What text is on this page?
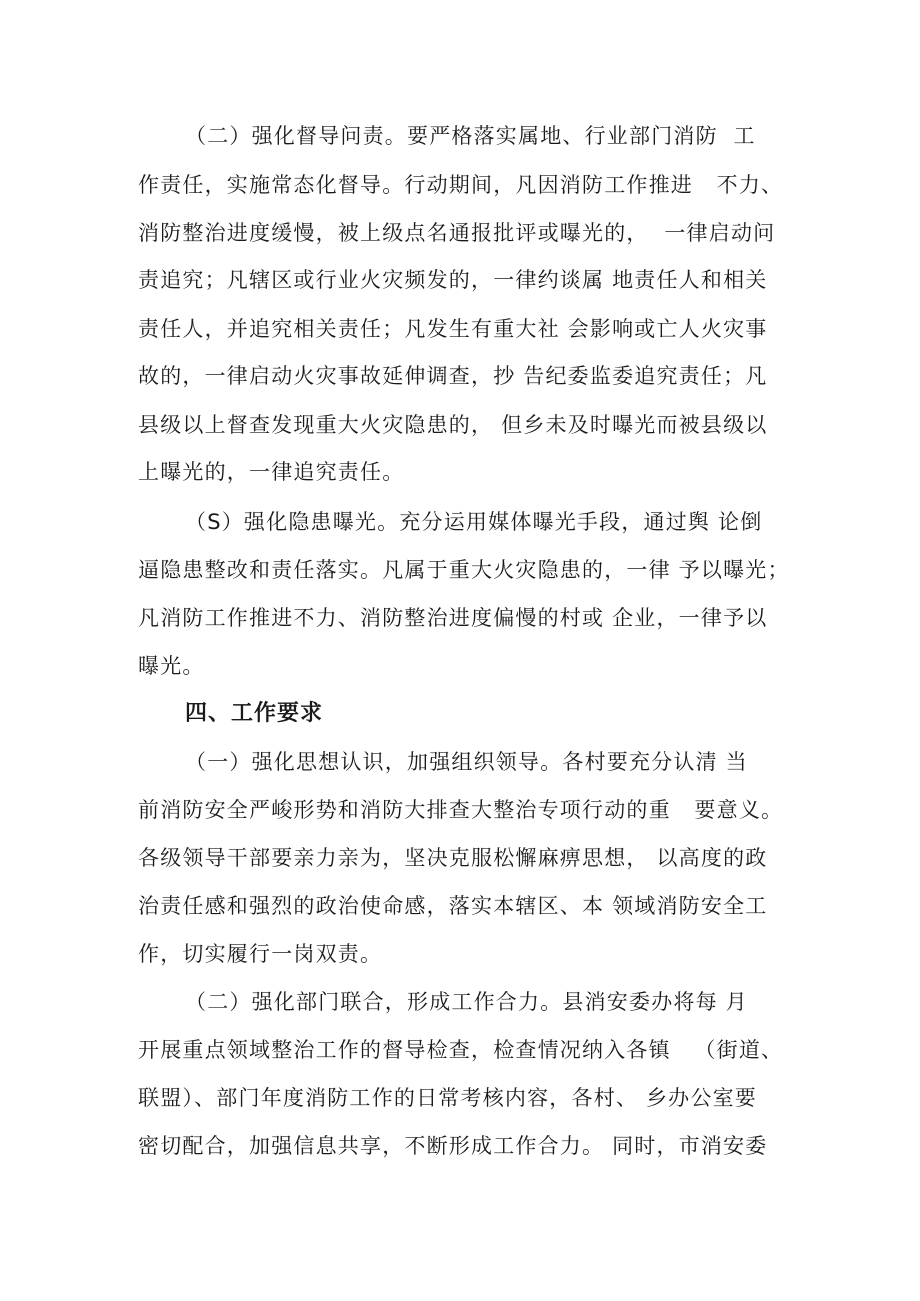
（二）强化督导问责。要严格落实属地、行业部门消防  工
作责任，实施常态化督导。行动期间，凡因消防工作推进   不力、
消防整治进度缓慢，被上级点名通报批评或曝光的，  一律启动问
责追究；凡辖区或行业火灾频发的，一律约谈属 地责任人和相关
责任人，并追究相关责任；凡发生有重大社 会影响或亡人火灾事
故的，一律启动火灾事故延伸调查，抄 告纪委监委追究责任；凡
县级以上督查发现重大火灾隐患的， 但乡未及时曝光而被县级以
上曝光的，一律追究责任。
（S）强化隐患曝光。充分运用媒体曝光手段，通过舆 论倒
逼隐患整改和责任落实。凡属于重大火灾隐患的，一律 予以曝光；
凡消防工作推进不力、消防整治进度偏慢的村或 企业，一律予以
曝光。
四、工作要求
（一）强化思想认识，加强组织领导。各村要充分认清 当
前消防安全严峻形势和消防大排查大整治专项行动的重   要意义。
各级领导干部要亲力亲为，坚决克服松懈麻痹思想， 以高度的政
治责任感和强烈的政治使命感，落实本辖区、本 领域消防安全工
作，切实履行一岗双责。
（二）强化部门联合，形成工作合力。县消安委办将每 月
开展重点领域整治工作的督导检查，检查情况纳入各镇   （街道、
联盟）、部门年度消防工作的日常考核内容，各村、 乡办公室要
密切配合，加强信息共享，不断形成工作合力。 同时，市消安委
